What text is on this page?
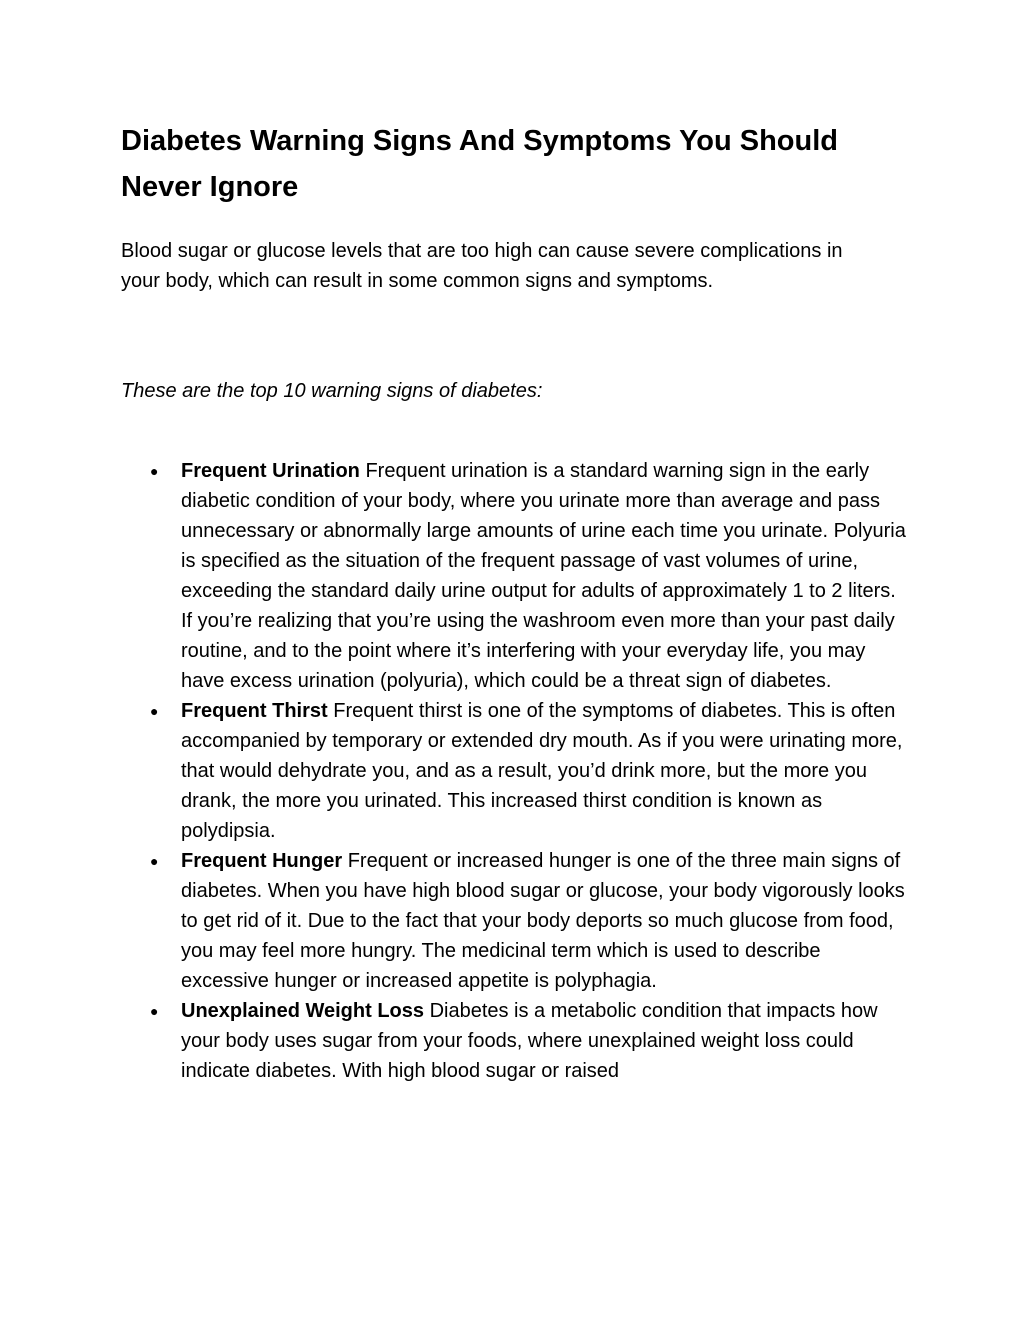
Diabetes Warning Signs And Symptoms You Should Never Ignore

Blood sugar or glucose levels that are too high can cause severe complications in your body, which can result in some common signs and symptoms.

These are the top 10 warning signs of diabetes:

● Frequent Urination Frequent urination is a standard warning sign in the early diabetic condition of your body, where you urinate more than average and pass unnecessary or abnormally large amounts of urine each time you urinate. Polyuria is specified as the situation of the frequent passage of vast volumes of urine, exceeding the standard daily urine output for adults of approximately 1 to 2 liters. If you’re realizing that you’re using the washroom even more than your past daily routine, and to the point where it’s interfering with your everyday life, you may have excess urination (polyuria), which could be a threat sign of diabetes.
● Frequent Thirst Frequent thirst is one of the symptoms of diabetes. This is often accompanied by temporary or extended dry mouth. As if you were urinating more, that would dehydrate you, and as a result, you’d drink more, but the more you drank, the more you urinated. This increased thirst condition is known as polydipsia.
● Frequent Hunger Frequent or increased hunger is one of the three main signs of diabetes. When you have high blood sugar or glucose, your body vigorously looks to get rid of it. Due to the fact that your body deports so much glucose from food, you may feel more hungry. The medicinal term which is used to describe excessive hunger or increased appetite is polyphagia.
● Unexplained Weight Loss Diabetes is a metabolic condition that impacts how your body uses sugar from your foods, where unexplained weight loss could indicate diabetes. With high blood sugar or raised
